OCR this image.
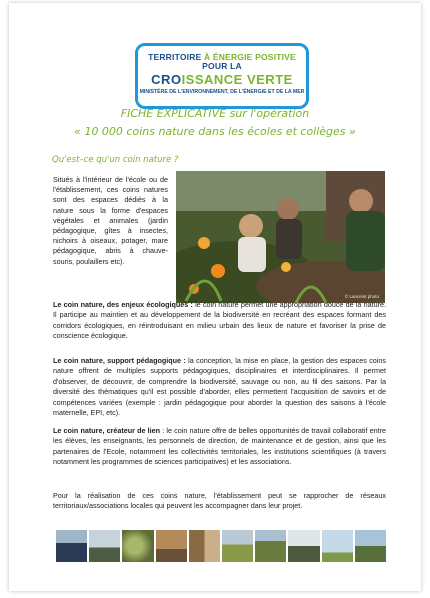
TERRITOIRE À ÉNERGIE POSITIVE POUR LA
CROISSANCE VERTE
MINISTÈRE DE L'ENVIRONNEMENT, DE L'ÉNERGIE ET DE LA MER
FICHE EXPLICATIVE sur l'opération
« 10 000 coins nature dans les écoles et collèges »
Qu'est–ce qu'un coin nature ?
Situés à l'intérieur de l'école ou de l'établissement, ces coins natures sont des espaces dédiés à la nature sous la forme d'espaces végétales et animales (jardin pédagogique, gîtes à insectes, nichoirs à oiseaux, potager, mare pédagogique, abris à chauve-souris, poulaillers etc).
© Lancelot photo

Le coin nature, des enjeux écologiques : le coin nature permet une appropriation douce de la nature. Il participe au maintien et au développement de la biodiversité en recréant des espaces formant des corridors écologiques, en réintroduisant en milieu urbain des lieux de nature et favoriser la prise de conscience écologique.

Le coin nature, support pédagogique : la conception, la mise en place, la gestion des espaces coins nature offrent de multiples supports pédagogiques, disciplinaires et interdisciplinaires. Il permet d'observer, de découvrir, de comprendre la biodiversité, sauvage ou non, au fil des saisons. Par la diversité des thématiques qu'il est possible d'aborder, elles permettent l'acquisition de savoirs et de compétences variées (exemple : jardin pédagogique pour aborder la question des saisons à l'école maternelle, EPI, etc).

Le coin nature, créateur de lien : le coin nature offre de belles opportunités de travail collaboratif entre les élèves, les enseignants, les personnels de direction, de maintenance et de gestion, ainsi que les partenaires de l'Ecole, notamment les collectivités territoriales, les institutions scientifiques (à travers notamment les programmes de sciences participatives) et les associations.

Pour la réalisation de ces coins nature, l'établissement peut se rapprocher de réseaux territoriaux/associations locales qui peuvent les accompagner dans leur projet.
